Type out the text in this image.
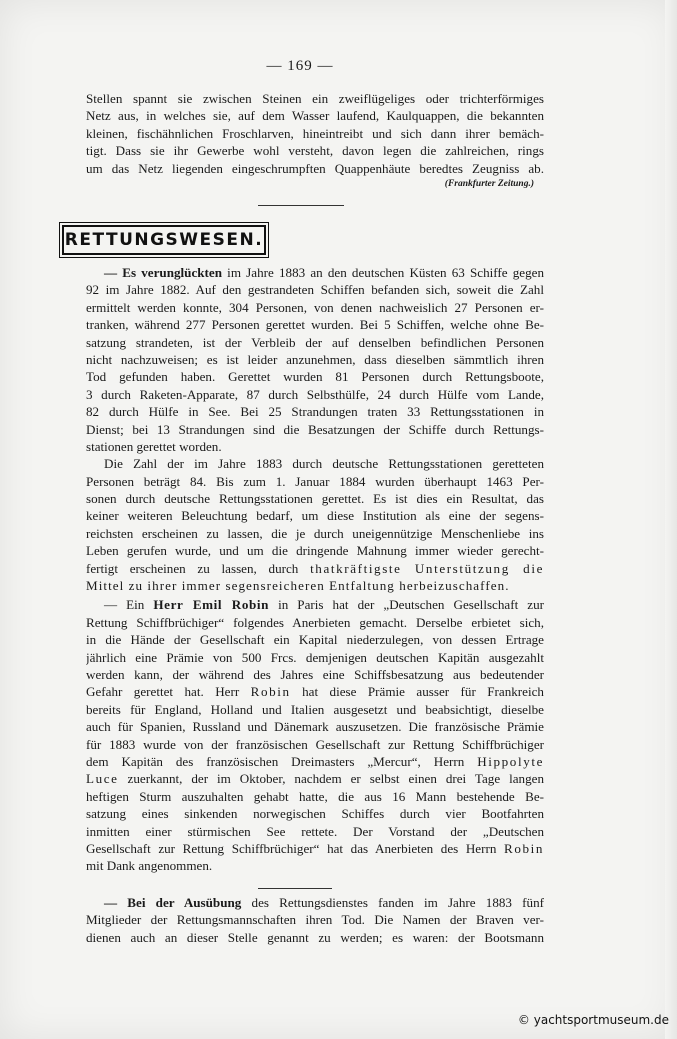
— 169 —
Stellen spannt sie zwischen Steinen ein zweiflügeliges oder trichterförmiges
Netz aus, in welches sie, auf dem Wasser laufend, Kaulquappen, die bekannten
kleinen, fischähnlichen Froschlarven, hineintreibt und sich dann ihrer bemäch-
tigt. Dass sie ihr Gewerbe wohl versteht, davon legen die zahlreichen, rings
um das Netz liegenden eingeschrumpften Quappenhäute beredtes Zeugniss ab.
(Frankfurter Zeitung.)
RETTUNGSWESEN.
— Es verunglückten im Jahre 1883 an den deutschen Küsten 63 Schiffe gegen
92 im Jahre 1882. Auf den gestrandeten Schiffen befanden sich, soweit die Zahl
ermittelt werden konnte, 304 Personen, von denen nachweislich 27 Personen er-
tranken, während 277 Personen gerettet wurden. Bei 5 Schiffen, welche ohne Be-
satzung strandeten, ist der Verbleib der auf denselben befindlichen Personen
nicht nachzuweisen; es ist leider anzunehmen, dass dieselben sämmtlich ihren
Tod gefunden haben. Gerettet wurden 81 Personen durch Rettungsboote,
3 durch Raketen-Apparate, 87 durch Selbsthülfe, 24 durch Hülfe vom Lande,
82 durch Hülfe in See. Bei 25 Strandungen traten 33 Rettungsstationen in
Dienst; bei 13 Strandungen sind die Besatzungen der Schiffe durch Rettungs-
stationen gerettet worden.
Die Zahl der im Jahre 1883 durch deutsche Rettungsstationen geretteten
Personen beträgt 84. Bis zum 1. Januar 1884 wurden überhaupt 1463 Per-
sonen durch deutsche Rettungsstationen gerettet. Es ist dies ein Resultat, das
keiner weiteren Beleuchtung bedarf, um diese Institution als eine der segens-
reichsten erscheinen zu lassen, die je durch uneigennützige Menschenliebe ins
Leben gerufen wurde, und um die dringende Mahnung immer wieder gerecht-
fertigt erscheinen zu lassen, durch thatkräftigste Unterstützung die
Mittel zu ihrer immer segensreicheren Entfaltung herbeizuschaffen.
— Ein Herr Emil Robin in Paris hat der „Deutschen Gesellschaft zur
Rettung Schiffbrüchiger“ folgendes Anerbieten gemacht. Derselbe erbietet sich,
in die Hände der Gesellschaft ein Kapital niederzulegen, von dessen Ertrage
jährlich eine Prämie von 500 Frcs. demjenigen deutschen Kapitän ausgezahlt
werden kann, der während des Jahres eine Schiffsbesatzung aus bedeutender
Gefahr gerettet hat. Herr Robin hat diese Prämie ausser für Frankreich
bereits für England, Holland und Italien ausgesetzt und beabsichtigt, dieselbe
auch für Spanien, Russland und Dänemark auszusetzen. Die französische Prämie
für 1883 wurde von der französischen Gesellschaft zur Rettung Schiffbrüchiger
dem Kapitän des französischen Dreimasters „Mercur“, Herrn Hippolyte
Luce zuerkannt, der im Oktober, nachdem er selbst einen drei Tage langen
heftigen Sturm auszuhalten gehabt hatte, die aus 16 Mann bestehende Be-
satzung eines sinkenden norwegischen Schiffes durch vier Bootfahrten
inmitten einer stürmischen See rettete. Der Vorstand der „Deutschen
Gesellschaft zur Rettung Schiffbrüchiger“ hat das Anerbieten des Herrn Robin
mit Dank angenommen.
— Bei der Ausübung des Rettungsdienstes fanden im Jahre 1883 fünf
Mitglieder der Rettungsmannschaften ihren Tod. Die Namen der Braven ver-
dienen auch an dieser Stelle genannt zu werden; es waren: der Bootsmann
© yachtsportmuseum.de
